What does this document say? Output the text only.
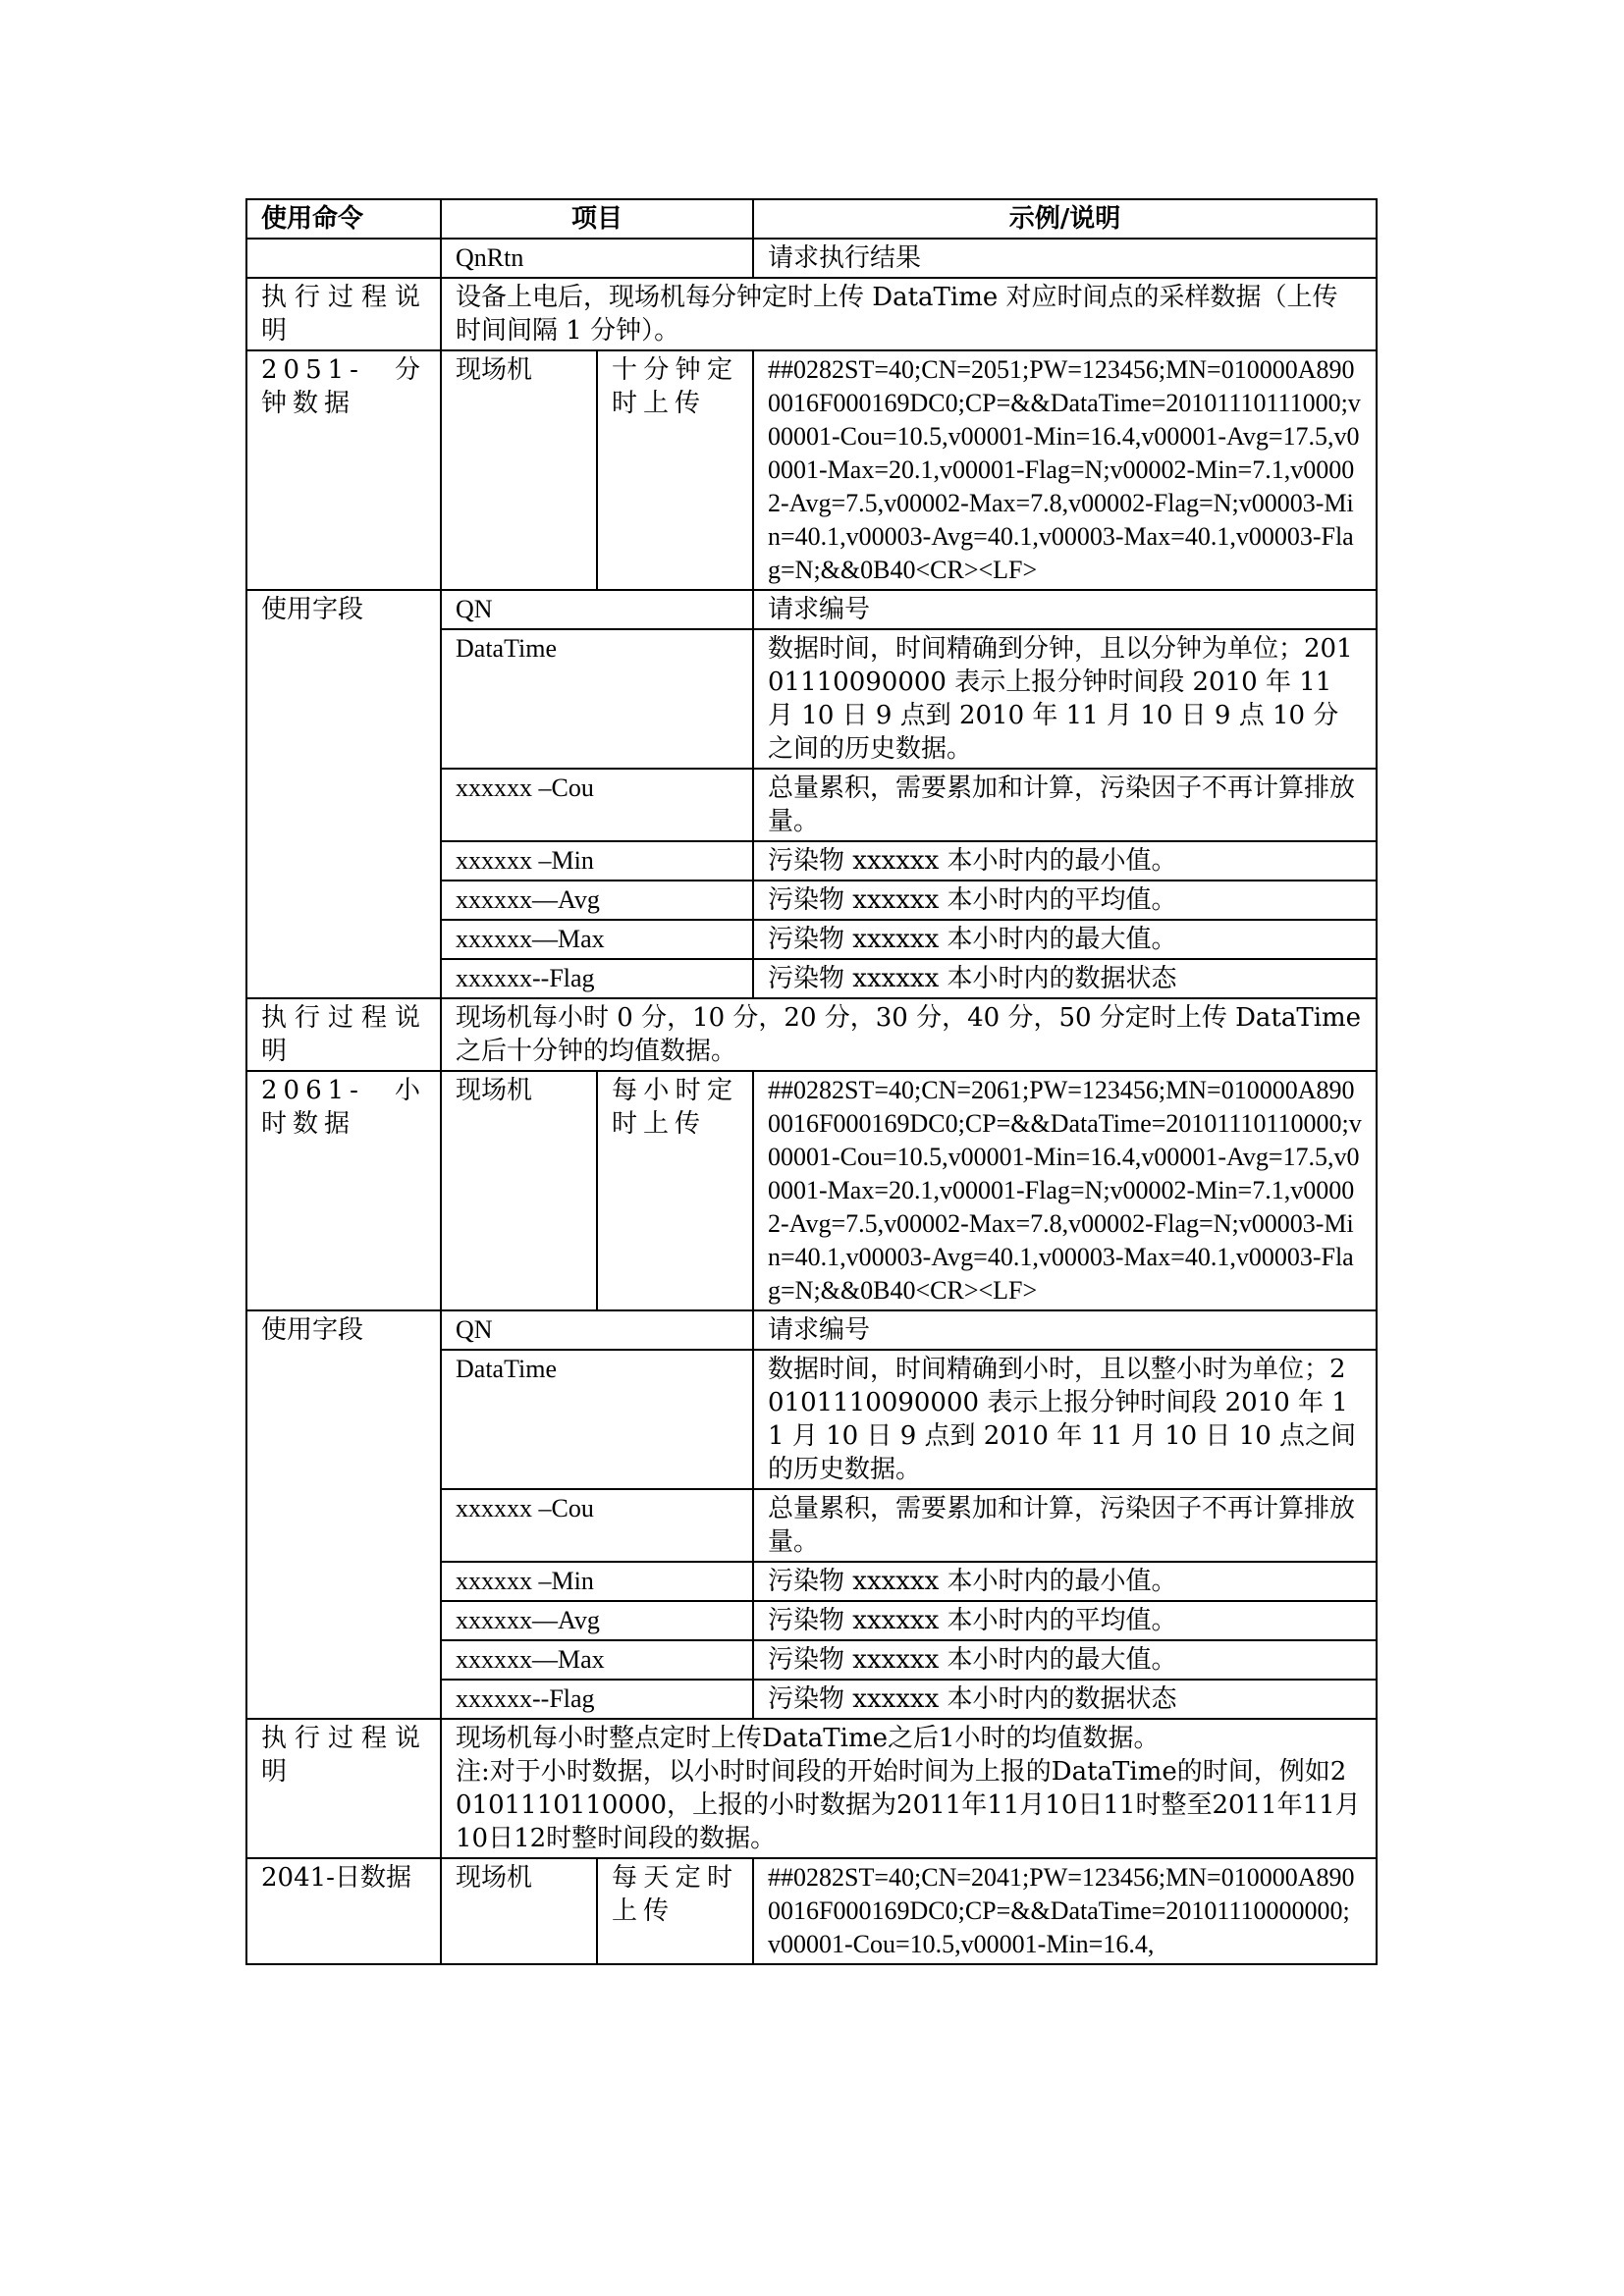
使用命令	项目		示例/说明
	QnRtn		请求执行结果
执行过程说明	设备上电后，现场机每分钟定时上传 DataTime 对应时间点的采样数据（上传时间间隔 1 分钟）。		
2051-分钟数据	现场机	十分钟定时上传	##0282ST=40;CN=2051;PW=123456;MN=010000A8900016F000169DC0;CP=&&DataTime=20101110111000;v00001-Cou=10.5,v00001-Min=16.4,v00001-Avg=17.5,v00001-Max=20.1,v00001-Flag=N;v00002-Min=7.1,v00002-Avg=7.5,v00002-Max=7.8,v00002-Flag=N;v00003-Min=40.1,v00003-Avg=40.1,v00003-Max=40.1,v00003-Flag=N;&&0B40<CR><LF>
使用字段	QN		请求编号
	DataTime		数据时间，时间精确到分钟，且以分钟为单位；20101110090000 表示上报分钟时间段 2010 年 11 月 10 日 9 点到 2010 年 11 月 10 日 9 点 10 分之间的历史数据。
	xxxxxx –Cou		总量累积，需要累加和计算，污染因子不再计算排放量。
	xxxxxx –Min		污染物 xxxxxx 本小时内的最小值。
	xxxxxx—Avg		污染物 xxxxxx 本小时内的平均值。
	xxxxxx—Max		污染物 xxxxxx 本小时内的最大值。
	xxxxxx--Flag		污染物 xxxxxx 本小时内的数据状态
执行过程说明	现场机每小时 0 分，10 分，20 分，30 分，40 分，50 分定时上传 DataTime 之后十分钟的均值数据。		
2061-小时数据	现场机	每小时定时上传	##0282ST=40;CN=2061;PW=123456;MN=010000A8900016F000169DC0;CP=&&DataTime=20101110110000;v00001-Cou=10.5,v00001-Min=16.4,v00001-Avg=17.5,v00001-Max=20.1,v00001-Flag=N;v00002-Min=7.1,v00002-Avg=7.5,v00002-Max=7.8,v00002-Flag=N;v00003-Min=40.1,v00003-Avg=40.1,v00003-Max=40.1,v00003-Flag=N;&&0B40<CR><LF>
使用字段	QN		请求编号
	DataTime		数据时间，时间精确到小时，且以整小时为单位；20101110090000 表示上报分钟时间段 2010 年 11 月 10 日 9 点到 2010 年 11 月 10 日 10 点之间的历史数据。
	xxxxxx –Cou		总量累积，需要累加和计算，污染因子不再计算排放量。
	xxxxxx –Min		污染物 xxxxxx 本小时内的最小值。
	xxxxxx—Avg		污染物 xxxxxx 本小时内的平均值。
	xxxxxx—Max		污染物 xxxxxx 本小时内的最大值。
	xxxxxx--Flag		污染物 xxxxxx 本小时内的数据状态
执行过程说明	现场机每小时整点定时上传DataTime之后1小时的均值数据。
注:对于小时数据，以小时时间段的开始时间为上报的DataTime的时间，例如20101110110000，上报的小时数据为2011年11月10日11时整至2011年11月10日12时整时间段的数据。		

2041-日数据	现场机	每天定时上传	##0282ST=40;CN=2041;PW=123456;MN=010000A8900016F000169DC0;CP=&&DataTime=20101110000000;v00001-Cou=10.5,v00001-Min=16.4,
